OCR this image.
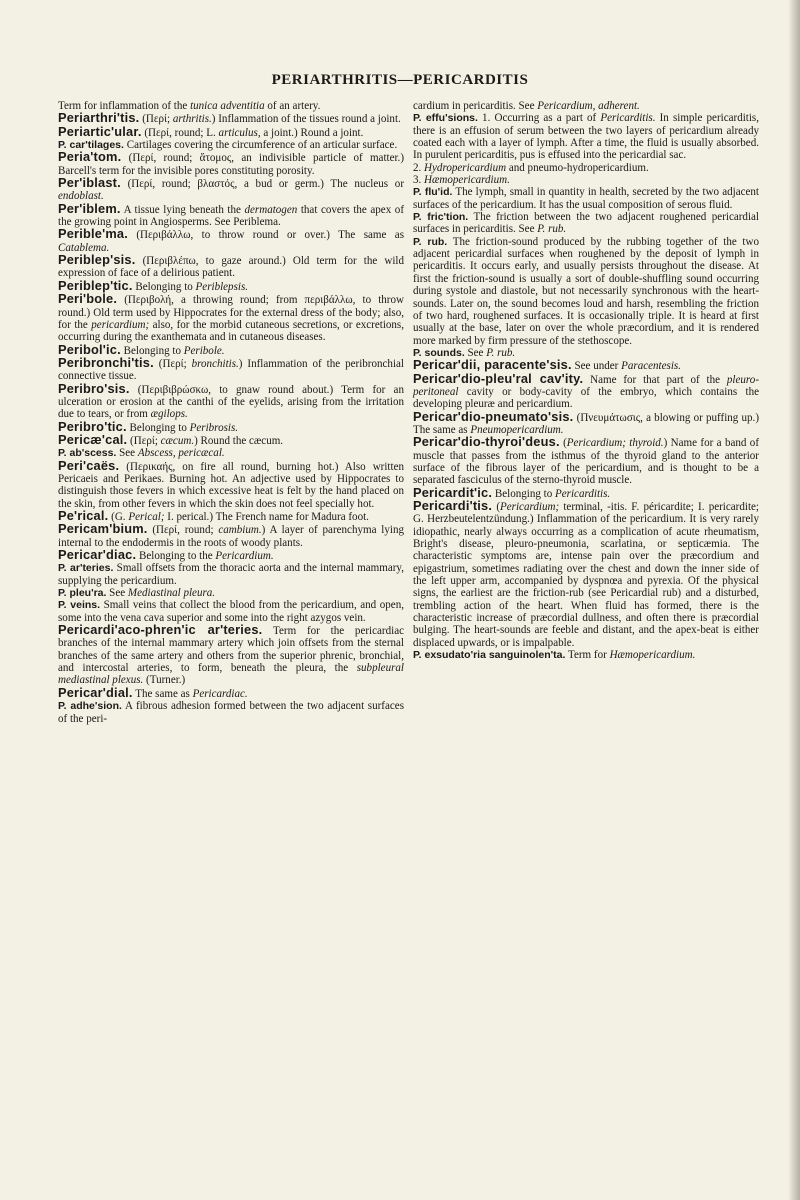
PERIARTHRITIS—PERICARDITIS

Term for inflammation of the tunica adventitia of an artery.

Periarthri'tis. (Περί; arthritis.) Inflammation of the tissues round a joint.

Periartic'ular. (Περί, round; L. articulus, a joint.) Round a joint.

P. car'tilages. Cartilages covering the circumference of an articular surface.

Peria'tom. (Περί, round; ἄτομος, an indivisible particle of matter.) Barcell's term for the invisible pores constituting porosity.

Per'iblast. (Περί, round; βλαστός, a bud or germ.) The nucleus or endoblast.

Per'iblem. A tissue lying beneath the dermatogen that covers the apex of the growing point in Angiosperms. See Periblema.

Perible'ma. (Περιβάλλω, to throw round or over.) The same as Catablema.

Periblep'sis. (Περιβλέπω, to gaze around.) Old term for the wild expression of face of a delirious patient.

Periblep'tic. Belonging to Periblepsis.

Peri'bole. (Περιβολή, a throwing round; from περιβάλλω, to throw round.) Old term used by Hippocrates for the external dress of the body; also, for the pericardium; also, for the morbid cutaneous secretions, or excretions, occurring during the exanthemata and in cutaneous diseases.

Peribol'ic. Belonging to Peribole.

Peribronchi'tis. (Περί; bronchitis.) Inflammation of the peribronchial connective tissue.

Peribro'sis. (Περιβιβρώσκω, to gnaw round about.) Term for an ulceration or erosion at the canthi of the eyelids, arising from the irritation due to tears, or from ægilops.

Peribro'tic. Belonging to Peribrosis.

Pericæ'cal. (Περί; cæcum.) Round the cæcum.

P. ab'scess. See Abscess, pericæcal.

Peri'caës. (Περικαής, on fire all round, burning hot.) Also written Pericaeis and Perikaes. Burning hot. An adjective used by Hippocrates to distinguish those fevers in which excessive heat is felt by the hand placed on the skin, from other fevers in which the skin does not feel specially hot.

Pe'rical. (G. Perical; I. perical.) The French name for Madura foot.

Pericam'bium. (Περί, round; cambium.) A layer of parenchyma lying internal to the endodermis in the roots of woody plants.

Pericar'diac. Belonging to the Pericardium.

P. ar'teries. Small offsets from the thoracic aorta and the internal mammary, supplying the pericardium.

P. pleu'ra. See Mediastinal pleura.

P. veins. Small veins that collect the blood from the pericardium, and open, some into the vena cava superior and some into the right azygos vein.

Pericardi'aco-phren'ic ar'teries. Term for the pericardiac branches of the internal mammary artery which join offsets from the sternal branches of the same artery and others from the superior phrenic, bronchial, and intercostal arteries, to form, beneath the pleura, the subpleural mediastinal plexus. (Turner.)

Pericar'dial. The same as Pericardiac.

P. adhe'sion. A fibrous adhesion formed between the two adjacent surfaces of the peri-

cardium in pericarditis. See Pericardium, adherent.

P. effu'sions. 1. Occurring as a part of Pericarditis. In simple pericarditis, there is an effusion of serum between the two layers of pericardium already coated each with a layer of lymph. After a time, the fluid is usually absorbed. In purulent pericarditis, pus is effused into the pericardial sac.

2. Hydropericardium and pneumo-hydropericardium.

3. Hæmopericardium.

P. flu'id. The lymph, small in quantity in health, secreted by the two adjacent surfaces of the pericardium. It has the usual composition of serous fluid.

P. fric'tion. The friction between the two adjacent roughened pericardial surfaces in pericarditis. See P. rub.

P. rub. The friction-sound produced by the rubbing together of the two adjacent pericardial surfaces when roughened by the deposit of lymph in pericarditis. It occurs early, and usually persists throughout the disease. At first the friction-sound is usually a sort of double-shuffling sound occurring during systole and diastole, but not necessarily synchronous with the heart-sounds. Later on, the sound becomes loud and harsh, resembling the friction of two hard, roughened surfaces. It is occasionally triple. It is heard at first usually at the base, later on over the whole præcordium, and it is rendered more marked by firm pressure of the stethoscope.

P. sounds. See P. rub.

Pericar'dii, paracente'sis. See under Paracentesis.

Pericar'dio-pleu'ral cav'ity. Name for that part of the pleuro-peritoneal cavity or body-cavity of the embryo, which contains the developing pleuræ and pericardium.

Pericar'dio-pneumato'sis. (Πνευμάτωσις, a blowing or puffing up.) The same as Pneumopericardium.

Pericar'dio-thyroi'deus. (Pericardium; thyroid.) Name for a band of muscle that passes from the isthmus of the thyroid gland to the anterior surface of the fibrous layer of the pericardium, and is thought to be a separated fasciculus of the sterno-thyroid muscle.

Pericardit'ic. Belonging to Pericarditis.

Pericardi'tis. (Pericardium; terminal, -itis. F. péricardite; I. pericardite; G. Herzbeutelentzündung.) Inflammation of the pericardium. It is very rarely idiopathic, nearly always occurring as a complication of acute rheumatism, Bright's disease, pleuro-pneumonia, scarlatina, or septicæmia. The characteristic symptoms are, intense pain over the præcordium and epigastrium, sometimes radiating over the chest and down the inner side of the left upper arm, accompanied by dyspnœa and pyrexia. Of the physical signs, the earliest are the friction-rub (see Pericardial rub) and a disturbed, trembling action of the heart. When fluid has formed, there is the characteristic increase of præcordial dullness, and often there is præcordial bulging. The heart-sounds are feeble and distant, and the apex-beat is either displaced upwards, or is impalpable.

P. exsudato'ria sanguinolen'ta. Term for Hæmopericardium.
